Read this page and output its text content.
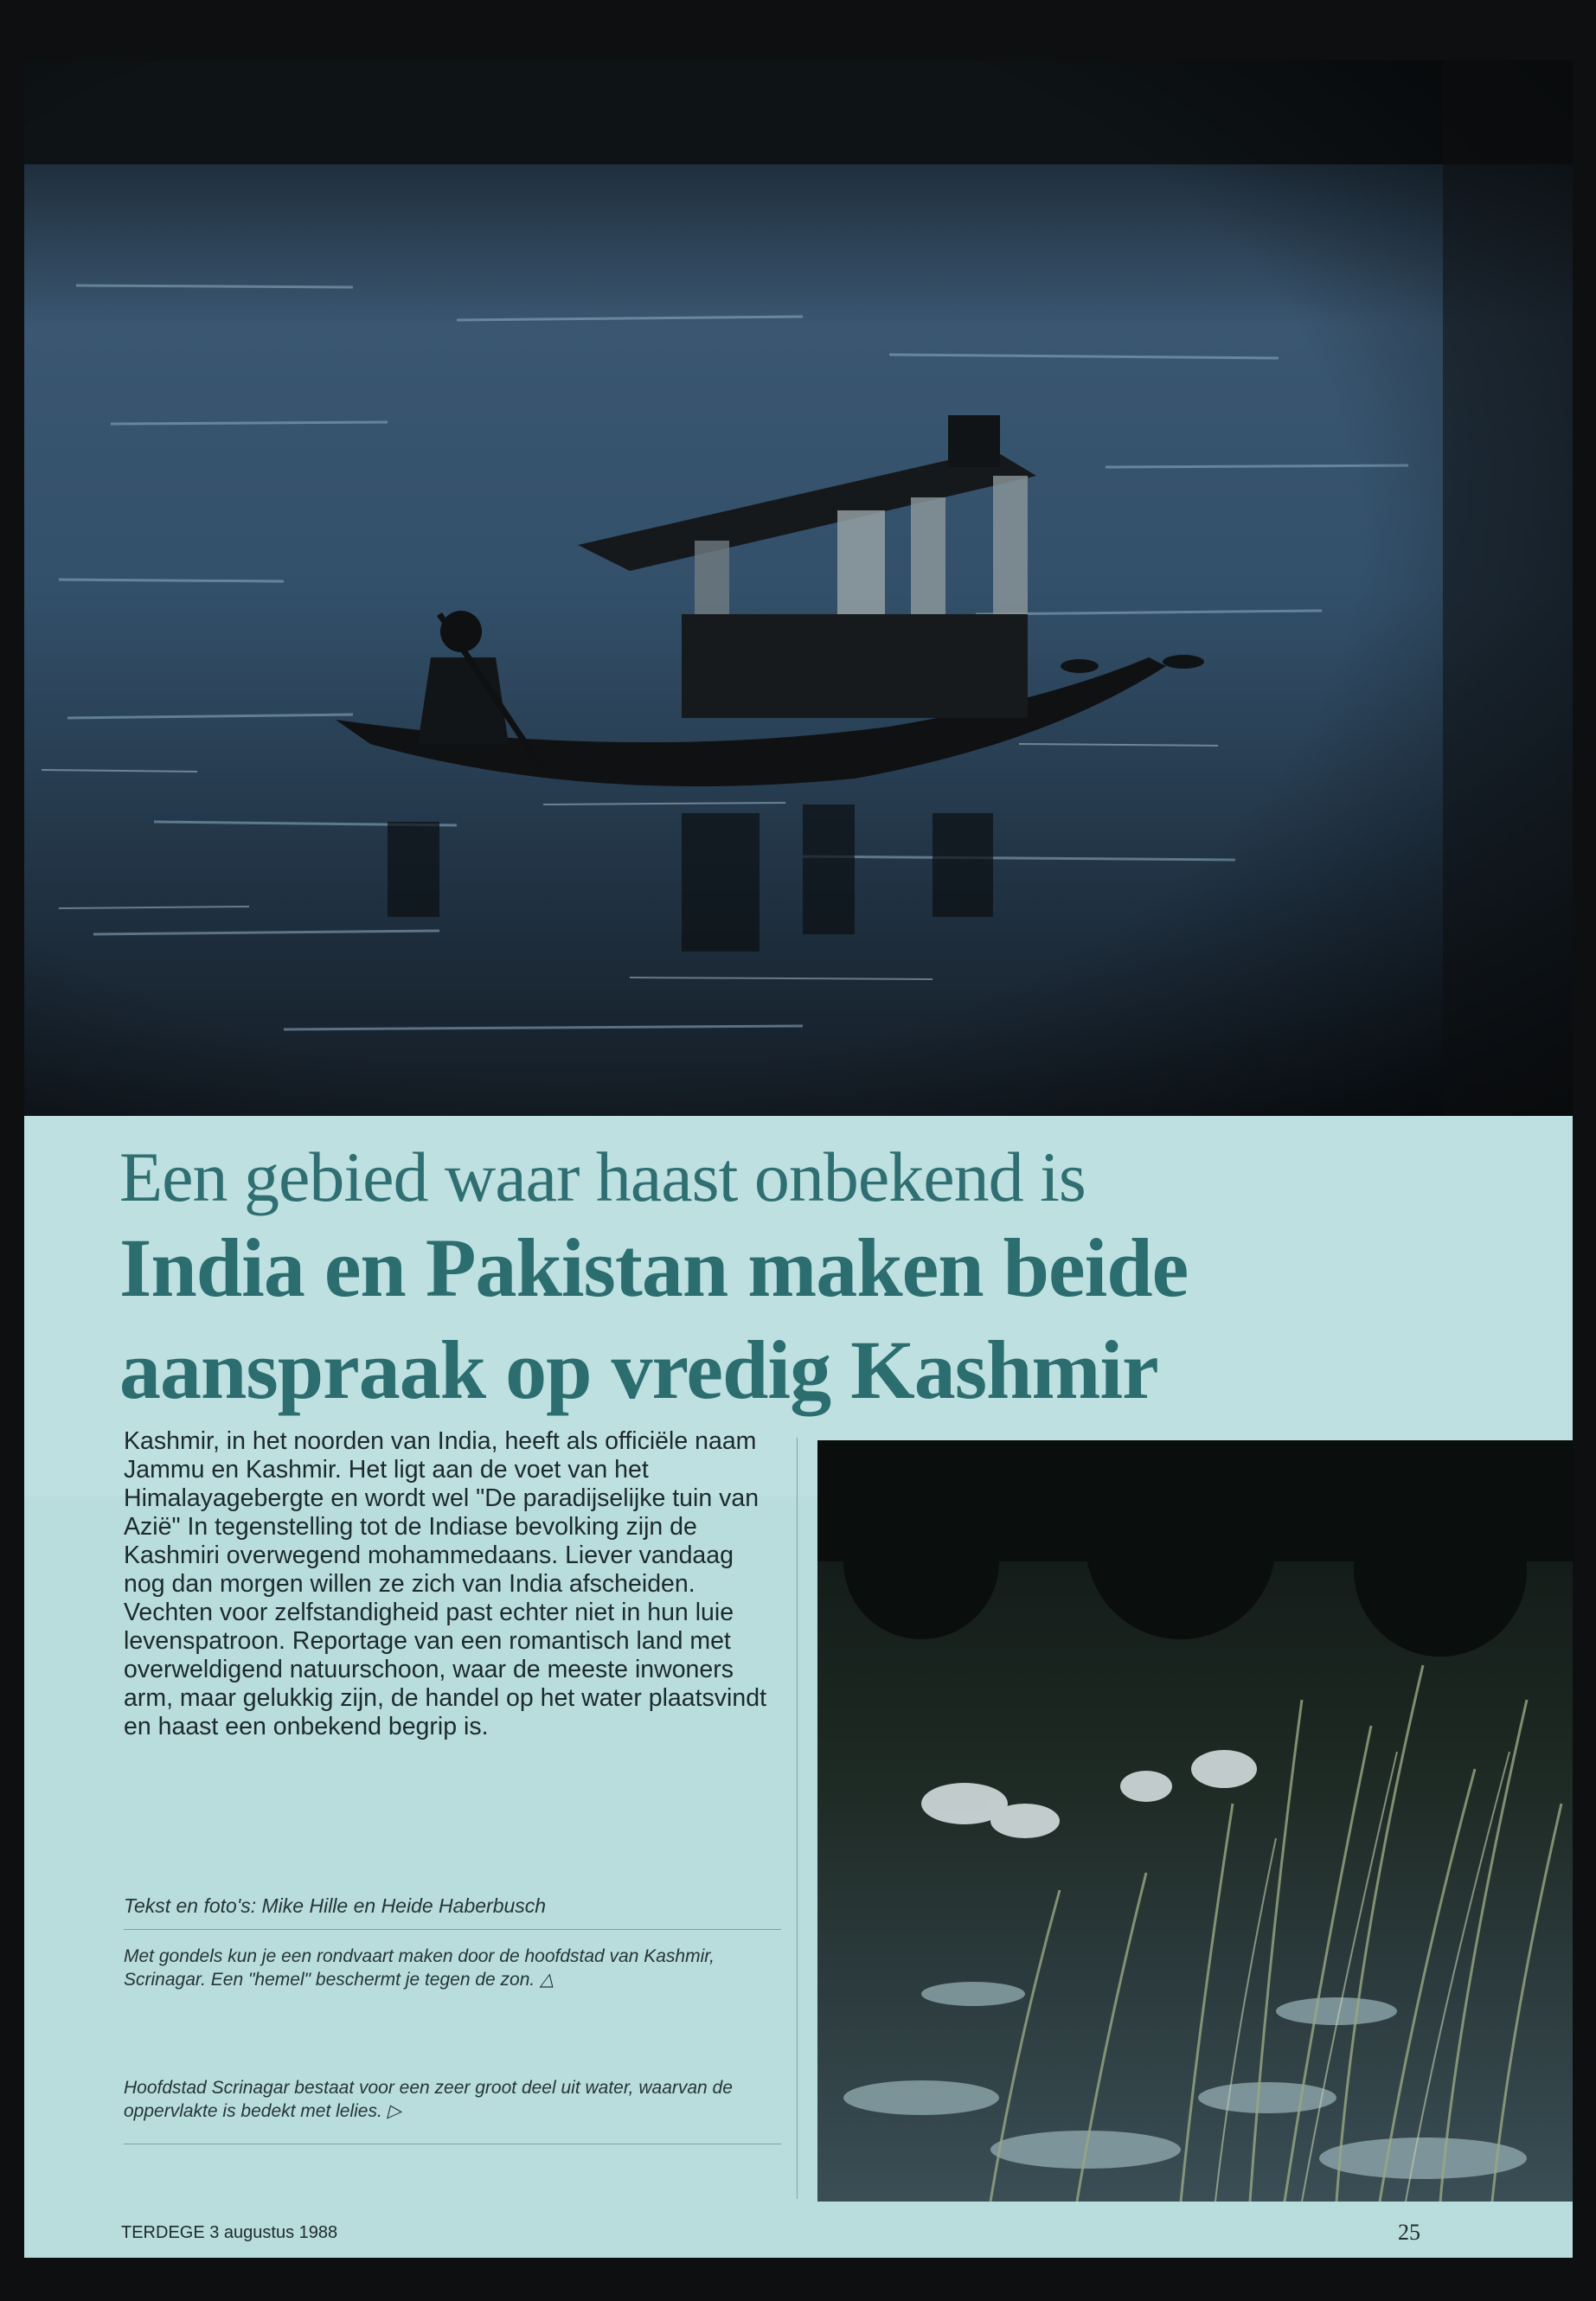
Een gebied waar haast onbekend is
India en Pakistan maken beide
aanspraak op vredig Kashmir
Kashmir, in het noorden van India, heeft als officiële naam Jammu en Kashmir. Het ligt aan de voet van het Himalayagebergte en wordt wel "De paradijselijke tuin van Azië" In tegenstelling tot de Indiase bevolking zijn de Kashmiri overwegend mohammedaans. Liever vandaag nog dan morgen willen ze zich van India afscheiden. Vechten voor zelfstandigheid past echter niet in hun luie levenspatroon. Reportage van een romantisch land met overweldigend natuurschoon, waar de meeste inwoners arm, maar gelukkig zijn, de handel op het water plaatsvindt en haast een onbekend begrip is.
Tekst en foto's: Mike Hille en Heide Haberbusch
Met gondels kun je een rondvaart maken door de hoofdstad van Kashmir, Scrinagar. Een "hemel" beschermt je tegen de zon. △
Hoofdstad Scrinagar bestaat voor een zeer groot deel uit water, waarvan de oppervlakte is bedekt met lelies. ▷
TERDEGE 3 augustus 1988	25
